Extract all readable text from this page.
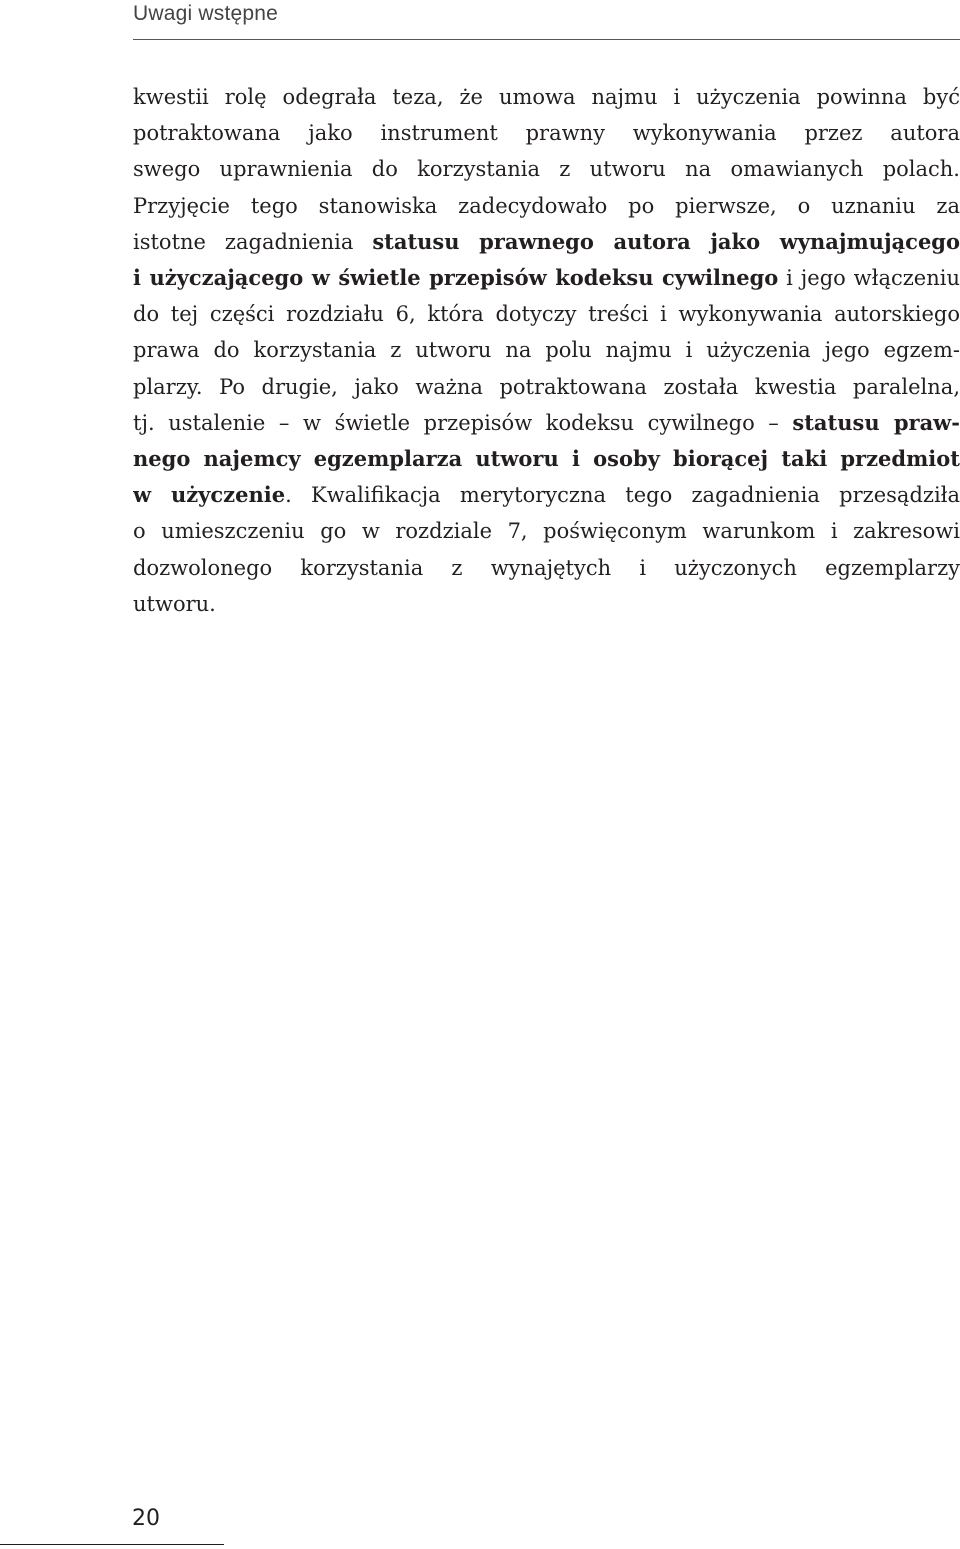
Uwagi wstępne
kwestii rolę odegrała teza, że umowa najmu i użyczenia powinna być
potraktowana jako instrument prawny wykonywania przez autora
swego uprawnienia do korzystania z utworu na omawianych polach.
Przyjęcie tego stanowiska zadecydowało po pierwsze, o uznaniu za
istotne zagadnienia statusu prawnego autora jako wynajmującego
i użyczającego w świetle przepisów kodeksu cywilnego i jego włączeniu
do tej części rozdziału 6, która dotyczy treści i wykonywania autorskiego
prawa do korzystania z utworu na polu najmu i użyczenia jego egzem-
plarzy. Po drugie, jako ważna potraktowana została kwestia paralelna,
tj. ustalenie – w świetle przepisów kodeksu cywilnego – statusu praw-
nego najemcy egzemplarza utworu i osoby biorącej taki przedmiot
w użyczenie. Kwalifikacja merytoryczna tego zagadnienia przesądziła
o umieszczeniu go w rozdziale 7, poświęconym warunkom i zakresowi
dozwolonego korzystania z wynajętych i użyczonych egzemplarzy
utworu.
20
